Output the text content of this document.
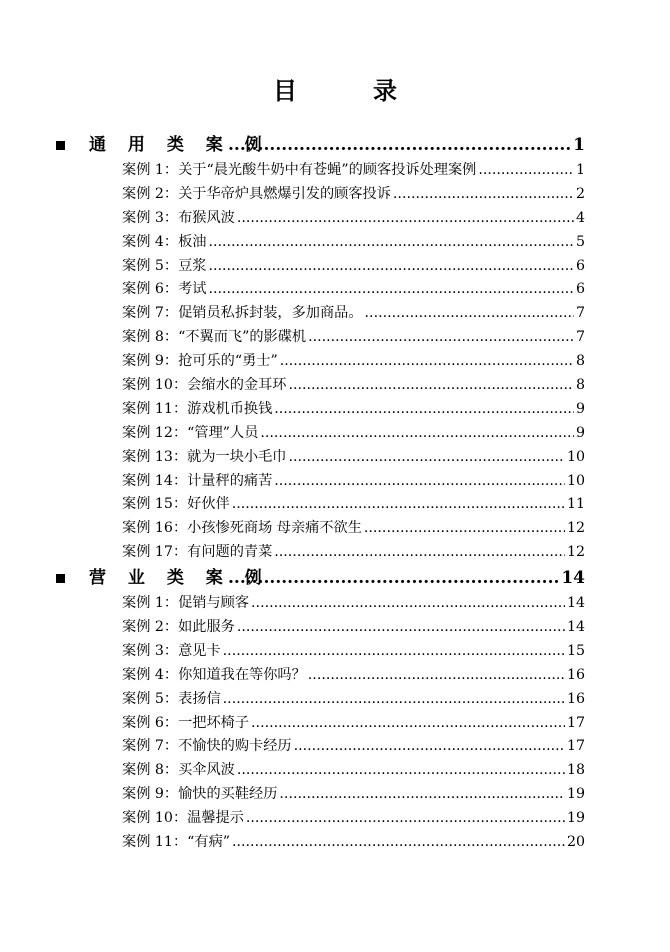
目　录
通 用 类 案 例 .....	1
案例 1：关于“晨光酸牛奶中有苍蝇”的顾客投诉处理案例 .....	1
案例 2：关于华帝炉具燃爆引发的顾客投诉 .....	2
案例 3：布猴风波 .....	4
案例 4：板油 .....	5
案例 5：豆浆 .....	6
案例 6：考试 .....	6
案例 7：促销员私拆封装，多加商品。 .....	7
案例 8：“不翼而飞”的影碟机 .....	7
案例 9：抢可乐的“勇士” .....	8
案例 10：会缩水的金耳环 .....	8
案例 11：游戏机币换钱 .....	9
案例 12：“管理”人员 .....	9
案例 13：就为一块小毛巾 .....	10
案例 14：计量秤的痛苦 .....	10
案例 15：好伙伴 .....	11
案例 16：小孩惨死商场 母亲痛不欲生 .....	12
案例 17：有问题的青菜 .....	12
营 业 类 案 例 .....	14
案例 1：促销与顾客 .....	14
案例 2：如此服务 .....	14
案例 3：意见卡 .....	15
案例 4：你知道我在等你吗？ .....	16
案例 5：表扬信 .....	16
案例 6：一把坏椅子 .....	17
案例 7：不愉快的购卡经历 .....	17
案例 8：买伞风波 .....	18
案例 9：愉快的买鞋经历 .....	19
案例 10：温馨提示 .....	19
案例 11：“有病” .....	20
